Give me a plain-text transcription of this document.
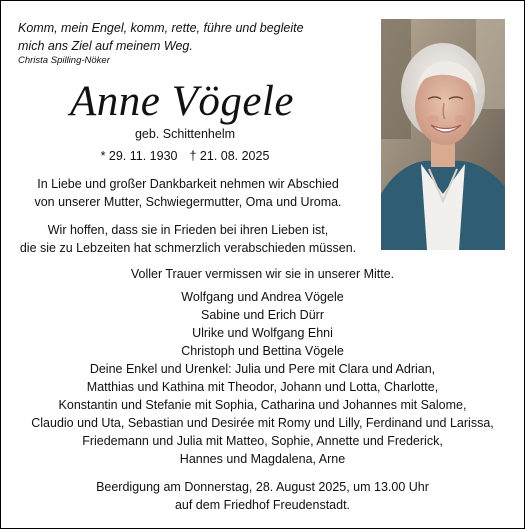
Komm, mein Engel, komm, rette, führe und begleite
mich ans Ziel auf meinem Weg.
Christa Spilling-Nöker
Anne Vögele
geb. Schittenhelm
* 29. 11. 1930 † 21. 08. 2025
In Liebe und großer Dankbarkeit nehmen wir Abschied
von unserer Mutter, Schwiegermutter, Oma und Uroma.
Wir hoffen, dass sie in Frieden bei ihren Lieben ist,
die sie zu Lebzeiten hat schmerzlich verabschieden müssen.
Voller Trauer vermissen wir sie in unserer Mitte.
Wolfgang und Andrea Vögele
Sabine und Erich Dürr
Ulrike und Wolfgang Ehni
Christoph und Bettina Vögele
Deine Enkel und Urenkel: Julia und Pere mit Clara und Adrian,
Matthias und Kathina mit Theodor, Johann und Lotta, Charlotte,
Konstantin und Stefanie mit Sophia, Catharina und Johannes mit Salome,
Claudio und Uta, Sebastian und Desirée mit Romy und Lilly, Ferdinand und Larissa,
Friedemann und Julia mit Matteo, Sophie, Annette und Frederick,
Hannes und Magdalena, Arne
Beerdigung am Donnerstag, 28. August 2025, um 13.00 Uhr
auf dem Friedhof Freudenstadt.
